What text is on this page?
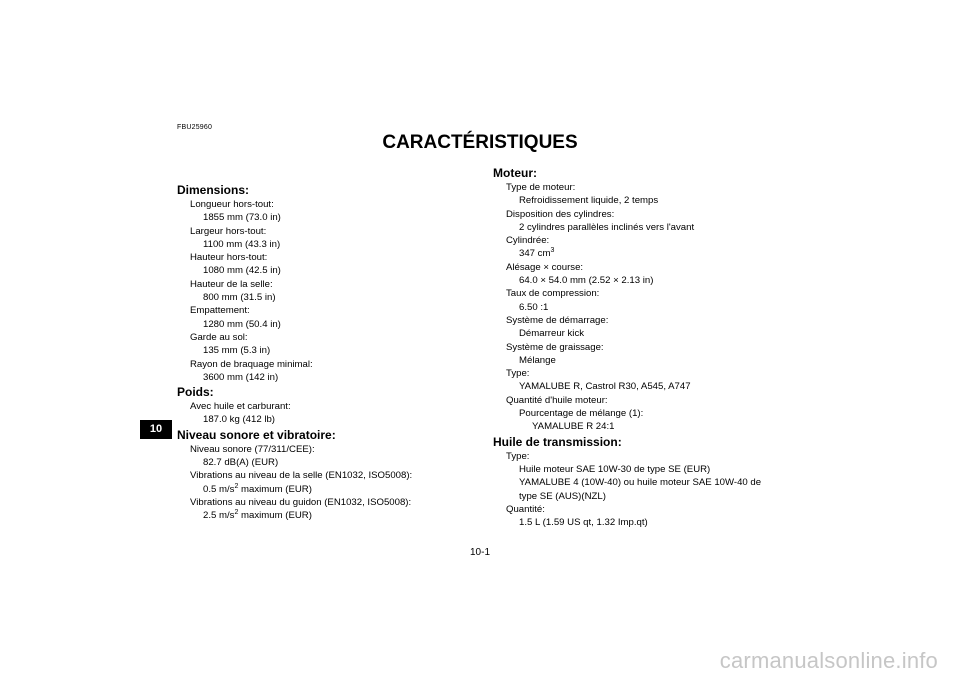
FBU25960
CARACTÉRISTIQUES
10
Dimensions:
Longueur hors-tout:
1855 mm (73.0 in)
Largeur hors-tout:
1100 mm (43.3 in)
Hauteur hors-tout:
1080 mm (42.5 in)
Hauteur de la selle:
800 mm (31.5 in)
Empattement:
1280 mm (50.4 in)
Garde au sol:
135 mm (5.3 in)
Rayon de braquage minimal:
3600 mm (142 in)
Poids:
Avec huile et carburant:
187.0 kg (412 lb)
Niveau sonore et vibratoire:
Niveau sonore (77/311/CEE):
82.7 dB(A) (EUR)
Vibrations au niveau de la selle (EN1032, ISO5008):
0.5 $m/s^2$ maximum (EUR)
Vibrations au niveau du guidon (EN1032, ISO5008):
2.5 $m/s^2$ maximum (EUR)
Moteur:
Type de moteur:
Refroidissement liquide, 2 temps
Disposition des cylindres:
2 cylindres parallèles inclinés vers l'avant
Cylindrée:
347 $cm^3$
Alésage × course:
64.0 × 54.0 mm (2.52 × 2.13 in)
Taux de compression:
6.50 :1
Système de démarrage:
Démarreur kick
Système de graissage:
Mélange
Type:
YAMALUBE R, Castrol R30, A545, A747
Quantité d'huile moteur:
Pourcentage de mélange (1):
YAMALUBE R 24:1
Huile de transmission:
Type:
Huile moteur SAE 10W-30 de type SE (EUR)
YAMALUBE 4 (10W-40) ou huile moteur SAE 10W-40 de
type SE (AUS)(NZL)
Quantité:
1.5 L (1.59 US qt, 1.32 Imp.qt)
10-1
carmanualsonline.info
